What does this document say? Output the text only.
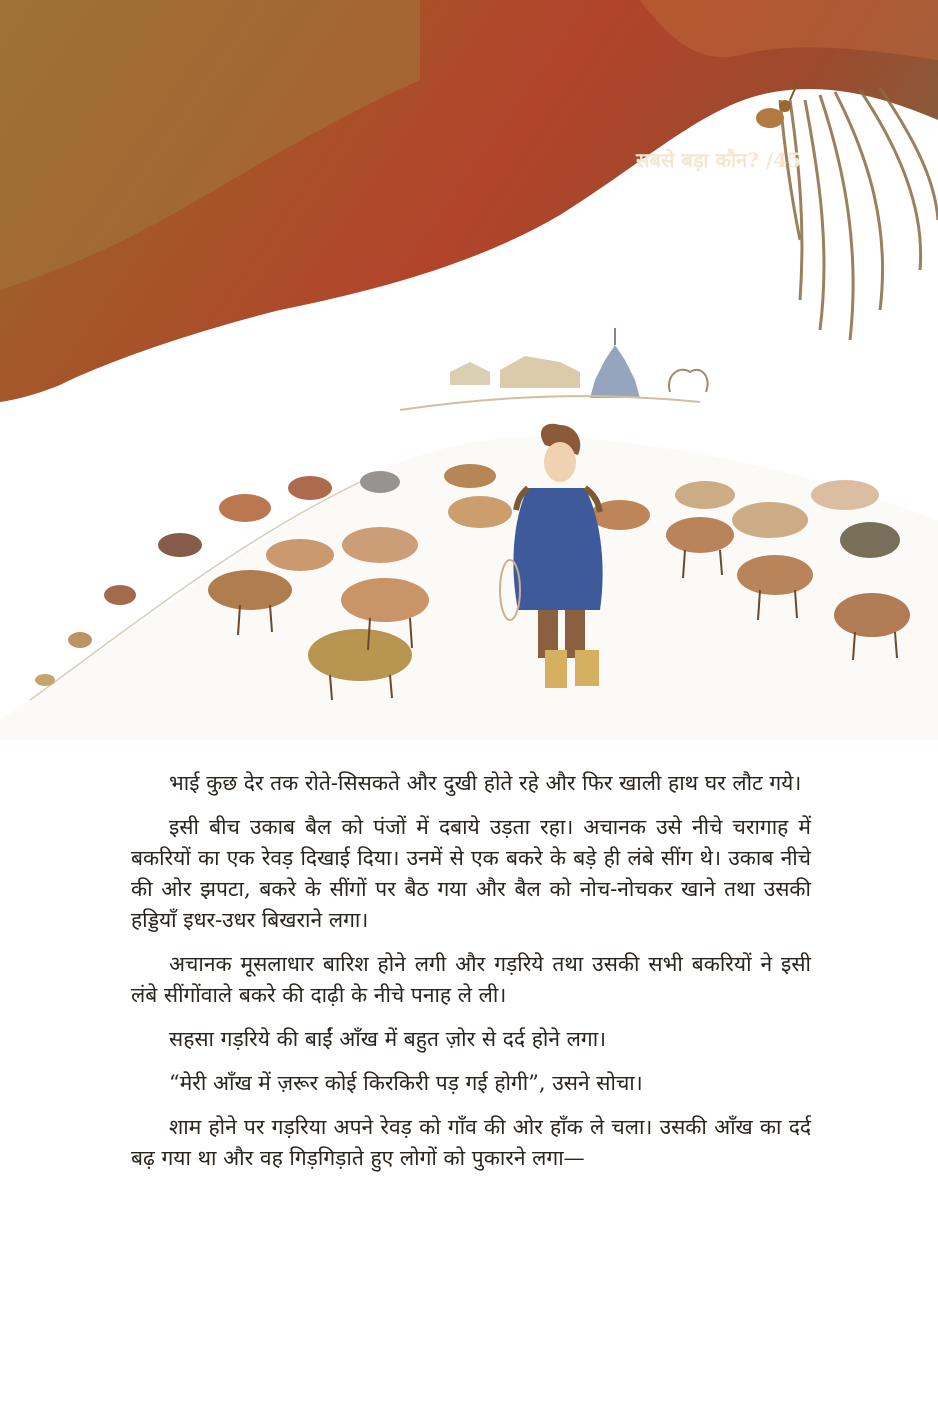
सबसे बड़ा कौन? /45

भाई कुछ देर तक रोते-सिसकते और दुखी होते रहे और फिर खाली हाथ घर लौट गये।

इसी बीच उकाब बैल को पंजों में दबाये उड़ता रहा। अचानक उसे नीचे चरागाह में बकरियों का एक रेवड़ दिखाई दिया। उनमें से एक बकरे के बड़े ही लंबे सींग थे। उकाब नीचे की ओर झपटा, बकरे के सींगों पर बैठ गया और बैल को नोच-नोचकर खाने तथा उसकी हड्डियाँ इधर-उधर बिखराने लगा।

अचानक मूसलाधार बारिश होने लगी और गड़रिये तथा उसकी सभी बकरियों ने इसी लंबे सींगोंवाले बकरे की दाढ़ी के नीचे पनाह ले ली।

सहसा गड़रिये की बाईं आँख में बहुत ज़ोर से दर्द होने लगा।

“मेरी आँख में ज़रूर कोई किरकिरी पड़ गई होगी”, उसने सोचा।

शाम होने पर गड़रिया अपने रेवड़ को गाँव की ओर हाँक ले चला। उसकी आँख का दर्द बढ़ गया था और वह गिड़गिड़ाते हुए लोगों को पुकारने लगा—
